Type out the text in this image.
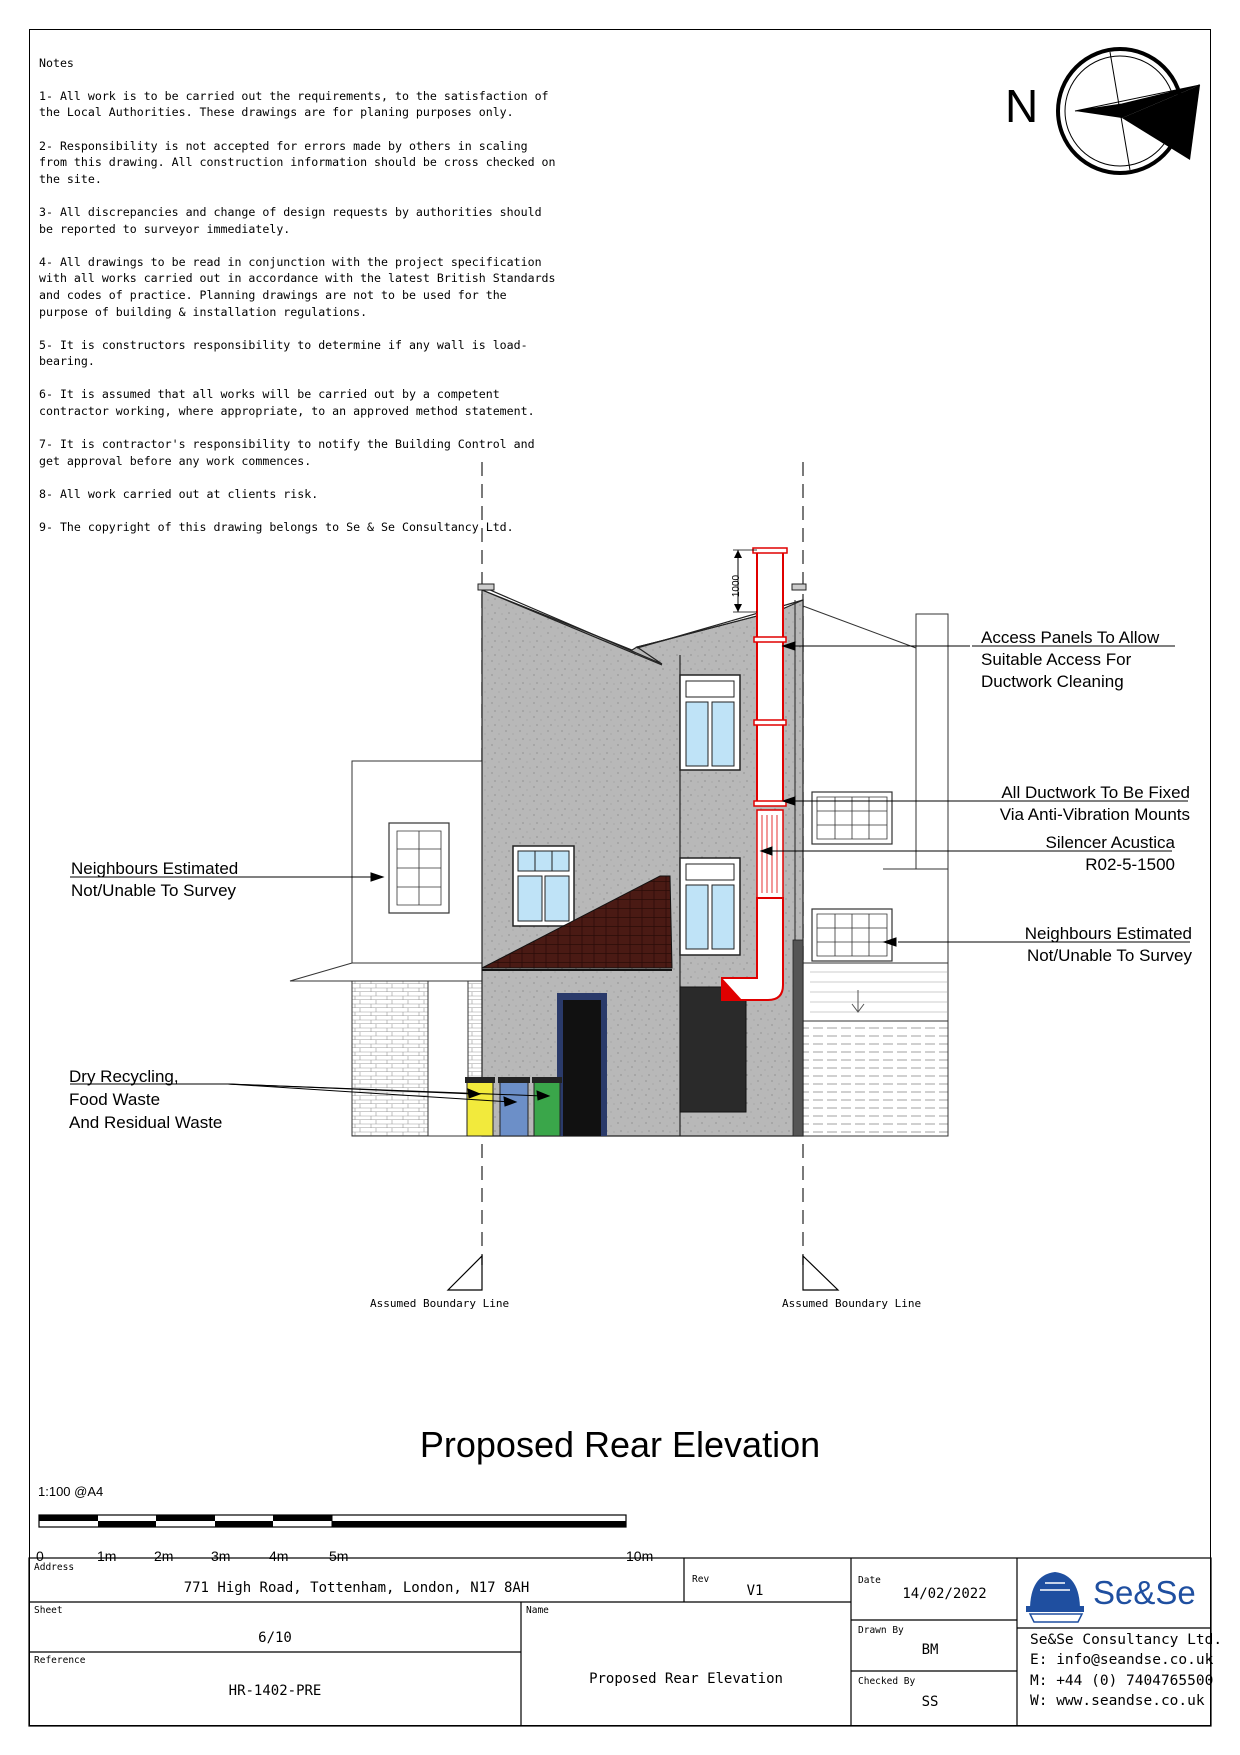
Notes

1- All work is to be carried out the requirements, to the satisfaction of the Local Authorities. These drawings are for planing purposes only.

2- Responsibility is not accepted for errors made by others in scaling from this drawing. All construction information should be cross checked on the site.

3- All discrepancies and change of design requests by authorities should be reported to surveyor immediately.

4- All drawings to be read in conjunction with the project specification with all works carried out in accordance with the latest British Standards and codes of practice. Planning drawings are not to be used for the purpose of building & installation regulations.

5- It is constructors responsibility to determine if any wall is load-bearing.

6- It is assumed that all works will be carried out by a competent contractor working, where appropriate, to an approved method statement.

7- It is contractor's responsibility to notify the Building Control and get approval before any work commences.

8- All work carried out at clients risk.

9- The copyright of this drawing belongs to Se & Se Consultancy Ltd.

N
1000
Access Panels To Allow
Suitable Access For
Ductwork Cleaning
All Ductwork To Be Fixed
Via Anti-Vibration Mounts
Silencer Acustica
R02-5-1500
Neighbours Estimated
Not/Unable To Survey
Neighbours Estimated
Not/Unable To Survey
Dry Recycling,
Food Waste
And Residual Waste
Assumed Boundary Line	Assumed Boundary Line
Proposed Rear Elevation
1:100 @A4
0	1m	2m	3m	4m	5m	10m
Address
771 High Road, Tottenham, London, N17 8AH
Rev
V1
Date
14/02/2022
Sheet
6/10
Name
Proposed Rear Elevation
Drawn By
BM
Reference
HR-1402-PRE
Checked By
SS
Se&Se
Se&Se Consultancy Ltd.
E: info@seandse.co.uk
M: +44 (0) 7404765500
W: www.seandse.co.uk
